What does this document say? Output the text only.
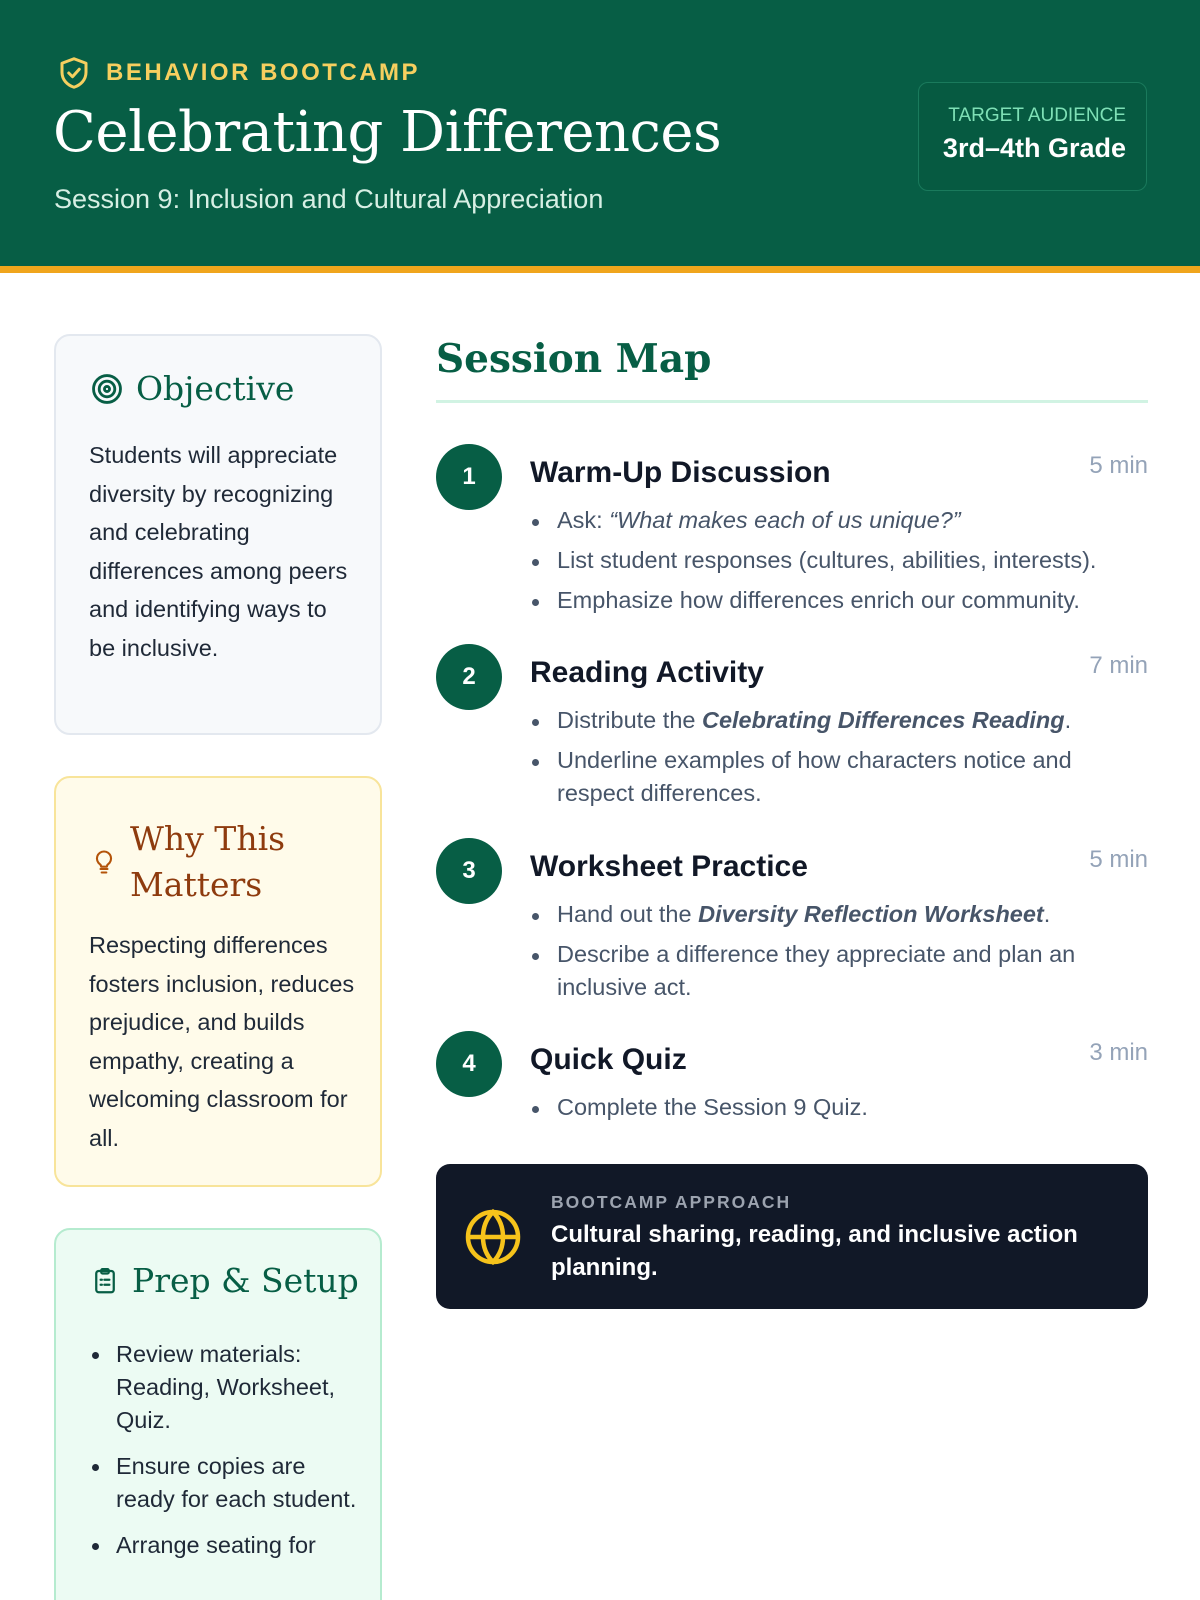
BEHAVIOR BOOTCAMP
Celebrating Differences
Session 9: Inclusion and Cultural Appreciation
TARGET AUDIENCE
3rd–4th Grade
Objective

Students will appreciate diversity by recognizing and celebrating differences among peers and identifying ways to be inclusive.

Why This Matters

Respecting differences fosters inclusion, reduces prejudice, and builds empathy, creating a welcoming classroom for all.

Prep & Setup
Review materials: Reading, Worksheet, Quiz.
Ensure copies are ready for each student.
Arrange seating for
Session Map
1	Warm-Up Discussion	5 min
Ask: “What makes each of us unique?”
List student responses (cultures, abilities, interests).
Emphasize how differences enrich our community.
2	Reading Activity	7 min
Distribute the Celebrating Differences Reading.
Underline examples of how characters notice and respect differences.
3	Worksheet Practice	5 min
Hand out the Diversity Reflection Worksheet.
Describe a difference they appreciate and plan an inclusive act.
4	Quick Quiz	3 min
Complete the Session 9 Quiz.
BOOTCAMP APPROACH
Cultural sharing, reading, and inclusive action planning.
